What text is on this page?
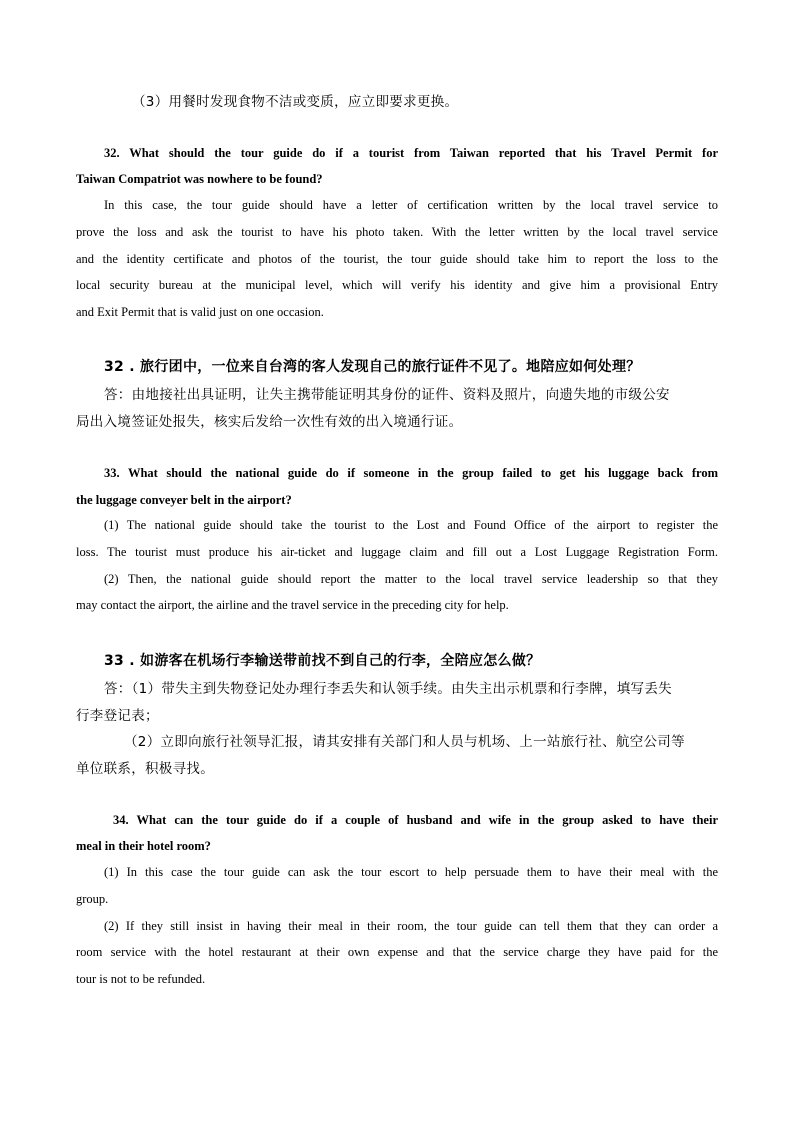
（3）用餐时发现食物不洁或变质，应立即要求更换。
32. What should the tour guide do if a tourist from Taiwan reported that his Travel Permit for
Taiwan Compatriot was nowhere to be found?
In this case, the tour guide should have a letter of certification written by the local travel service to
prove the loss and ask the tourist to have his photo taken. With the letter written by the local travel service
and the identity certificate and photos of the tourist, the tour guide should take him to report the loss to the
local security bureau at the municipal level, which will verify his identity and give him a provisional Entry
and Exit Permit that is valid just on one occasion.
32 . 旅行团中，一位来自台湾的客人发现自己的旅行证件不见了。地陪应如何处理？
答：由地接社出具证明，让失主携带能证明其身份的证件、资料及照片，向遗失地的市级公安
局出入境签证处报失，核实后发给一次性有效的出入境通行证。
33. What should the national guide do if someone in the group failed to get his luggage back from
the luggage conveyer belt in the airport?
(1) The national guide should take the tourist to the Lost and Found Office of the airport to register the
loss. The tourist must produce his air-ticket and luggage claim and fill out a Lost Luggage Registration Form.
(2) Then, the national guide should report the matter to the local travel service leadership so that they
may contact the airport, the airline and the travel service in the preceding city for help.
33 . 如游客在机场行李输送带前找不到自己的行李，全陪应怎么做？
答：（1）带失主到失物登记处办理行李丢失和认领手续。由失主出示机票和行李牌，填写丢失
行李登记表；
（2）立即向旅行社领导汇报，请其安排有关部门和人员与机场、上一站旅行社、航空公司等
单位联系，积极寻找。
34. What can the tour guide do if a couple of husband and wife in the group asked to have their
meal in their hotel room?
(1) In this case the tour guide can ask the tour escort to help persuade them to have their meal with the
group.
(2) If they still insist in having their meal in their room, the tour guide can tell them that they can order a
room service with the hotel restaurant at their own expense and that the service charge they have paid for the
tour is not to be refunded.
